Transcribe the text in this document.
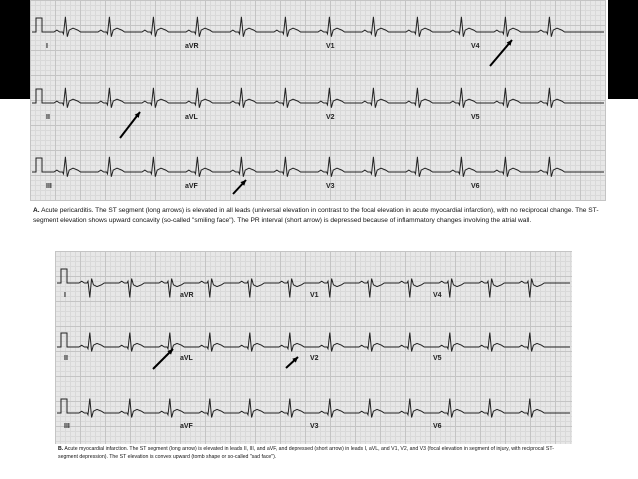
I	aVR	V1	V4
II	aVL	V2	V5
III	aVF	V3	V6
A. Acute pericarditis. The ST segment (long arrows) is elevated in all leads (universal elevation in contrast to the focal elevation in acute myocardial infarction), with no reciprocal change. The ST-segment elevation shows upward concavity (so-called "smiling face"). The PR interval (short arrow) is depressed because of inflammatory changes involving the atrial wall.
I	aVR	V1	V4
II	aVL	V2	V5
III	aVF	V3	V6
B. Acute myocardial infarction. The ST segment (long arrow) is elevated in leads II, III, and aVF, and depressed (short arrow) in leads I, aVL, and V1, V2, and V3 (focal elevation in segment of injury, with reciprocal ST-segment depression). The ST elevation is convex upward (tomb shape or so-called "sad face").
